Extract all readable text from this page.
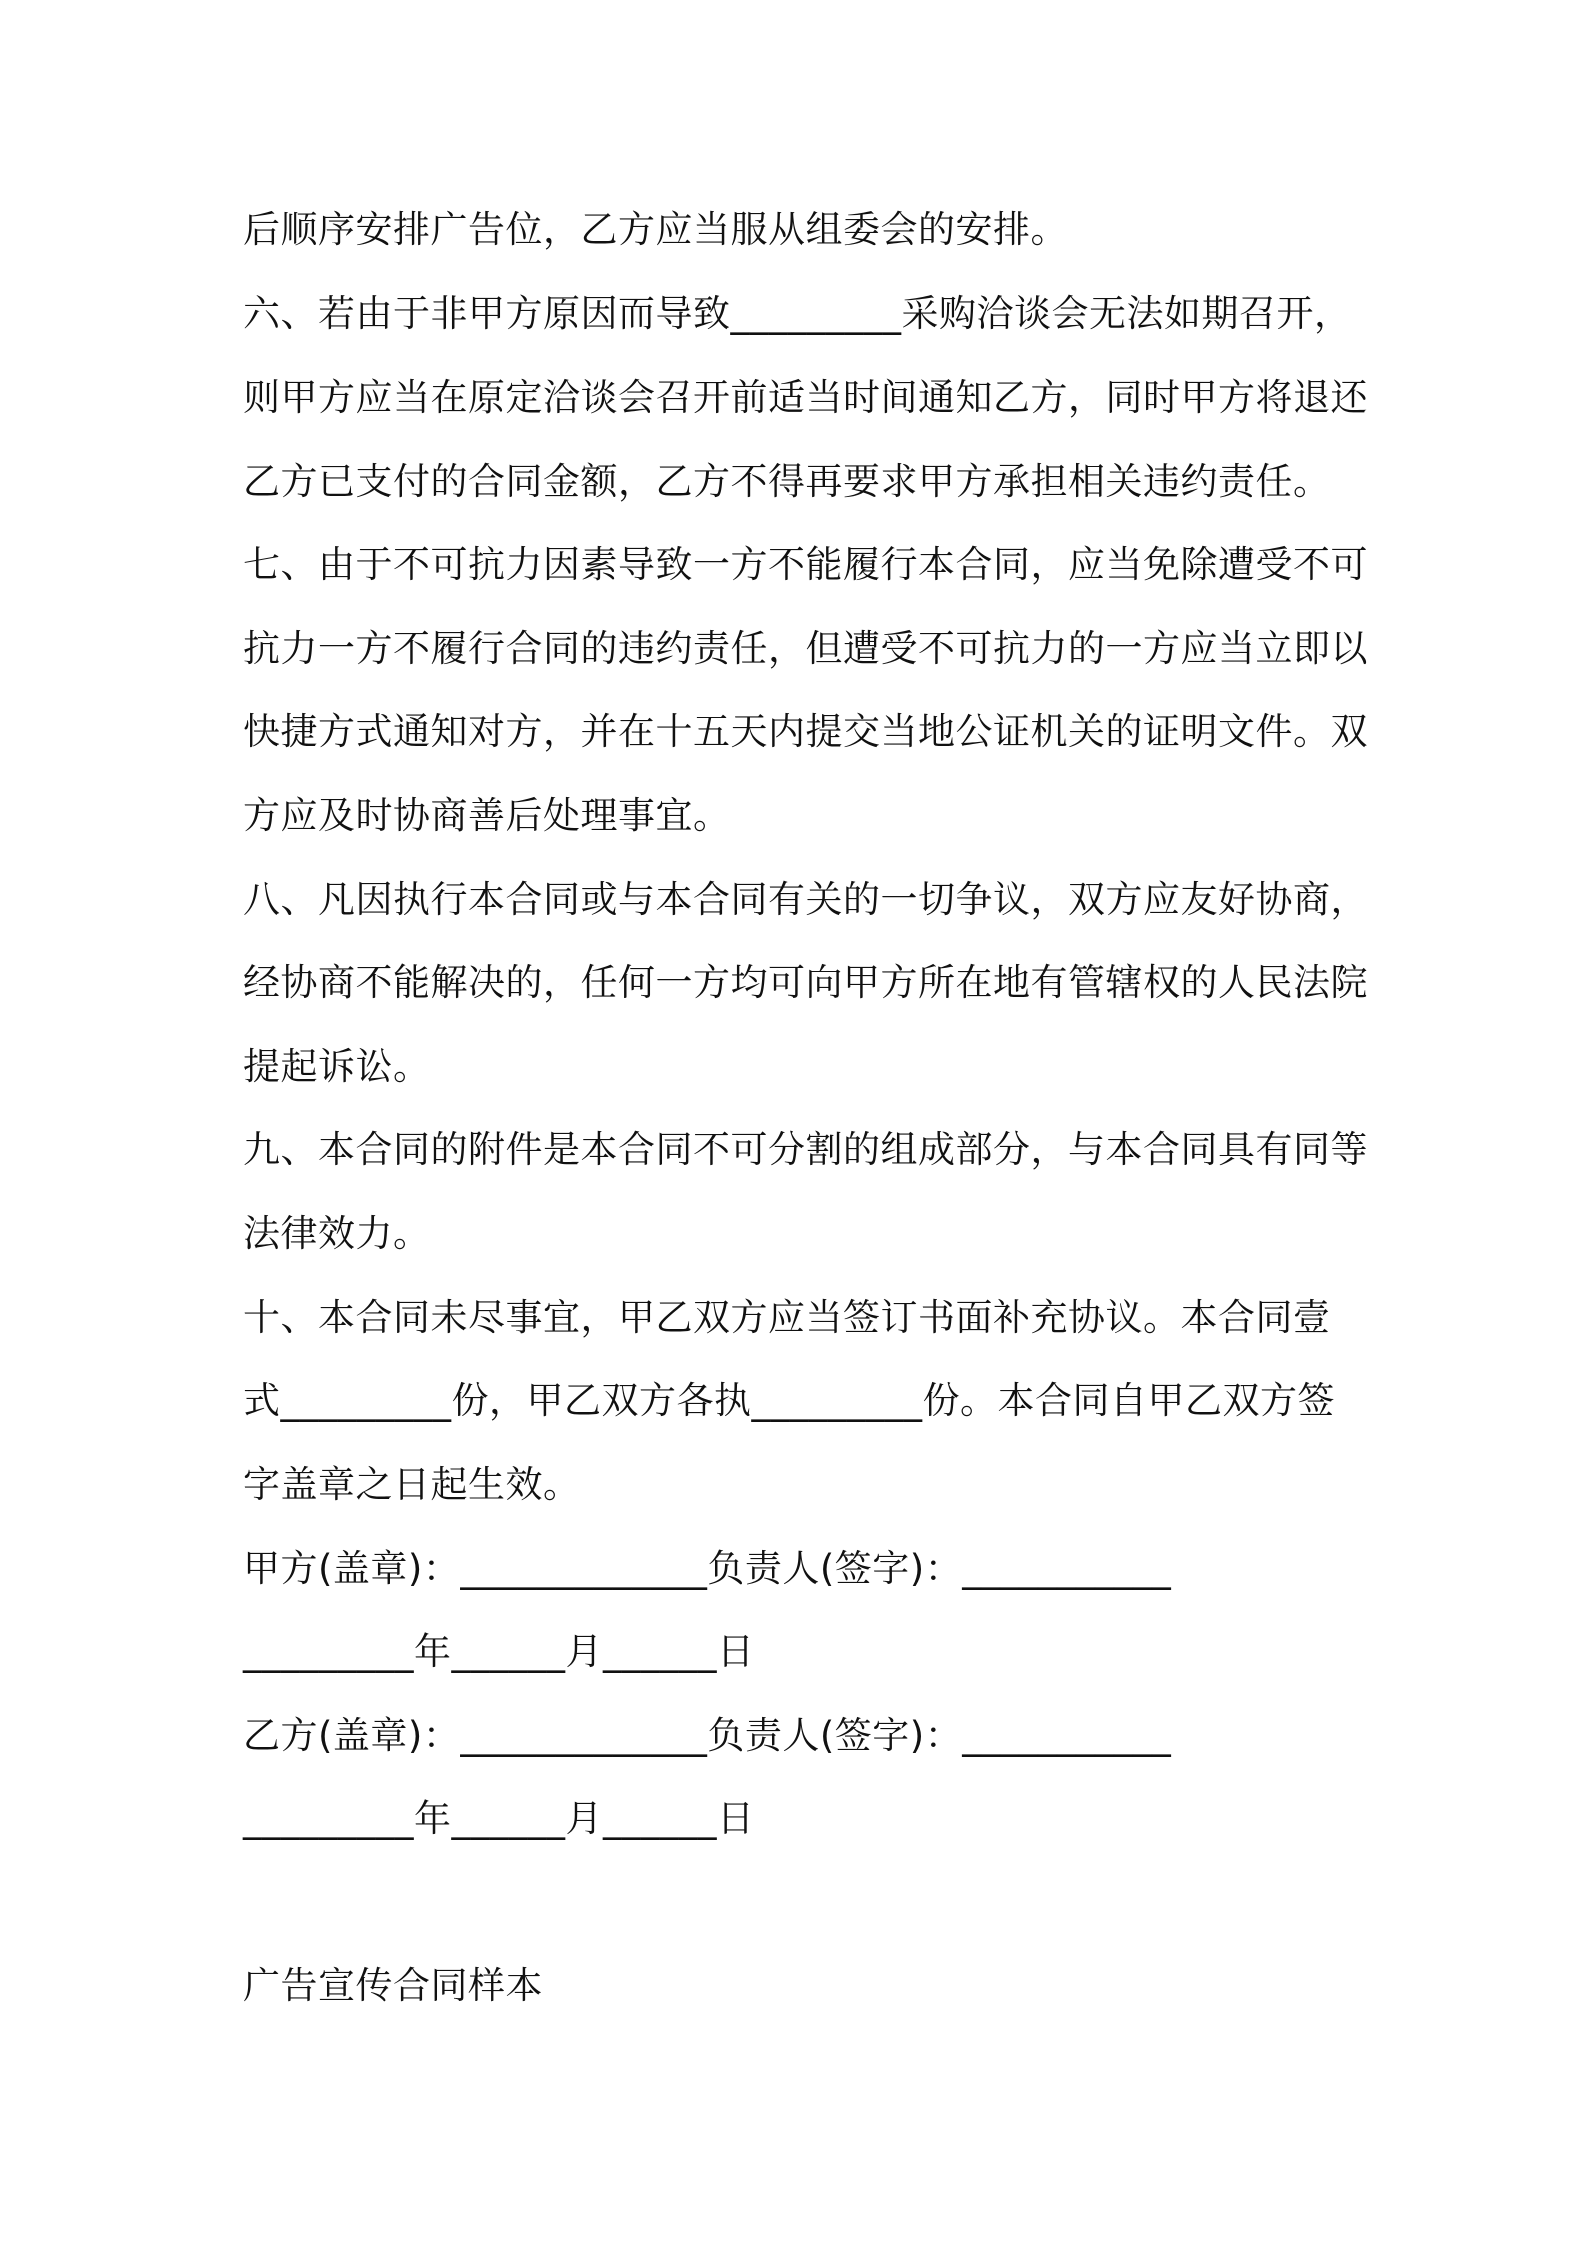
后顺序安排广告位，乙方应当服从组委会的安排。
六、若由于非甲方原因而导致_________采购洽谈会无法如期召开，
则甲方应当在原定洽谈会召开前适当时间通知乙方，同时甲方将退还
乙方已支付的合同金额，乙方不得再要求甲方承担相关违约责任。
七、由于不可抗力因素导致一方不能履行本合同，应当免除遭受不可
抗力一方不履行合同的违约责任，但遭受不可抗力的一方应当立即以
快捷方式通知对方，并在十五天内提交当地公证机关的证明文件。双
方应及时协商善后处理事宜。
八、凡因执行本合同或与本合同有关的一切争议，双方应友好协商，
经协商不能解决的，任何一方均可向甲方所在地有管辖权的人民法院
提起诉讼。
九、本合同的附件是本合同不可分割的组成部分，与本合同具有同等
法律效力。
十、本合同未尽事宜，甲乙双方应当签订书面补充协议。本合同壹
式_________份，甲乙双方各执_________份。本合同自甲乙双方签
字盖章之日起生效。
甲方(盖章)：_____________负责人(签字)：___________
_________年______月______日
乙方(盖章)：_____________负责人(签字)：___________
_________年______月______日
广告宣传合同样本
